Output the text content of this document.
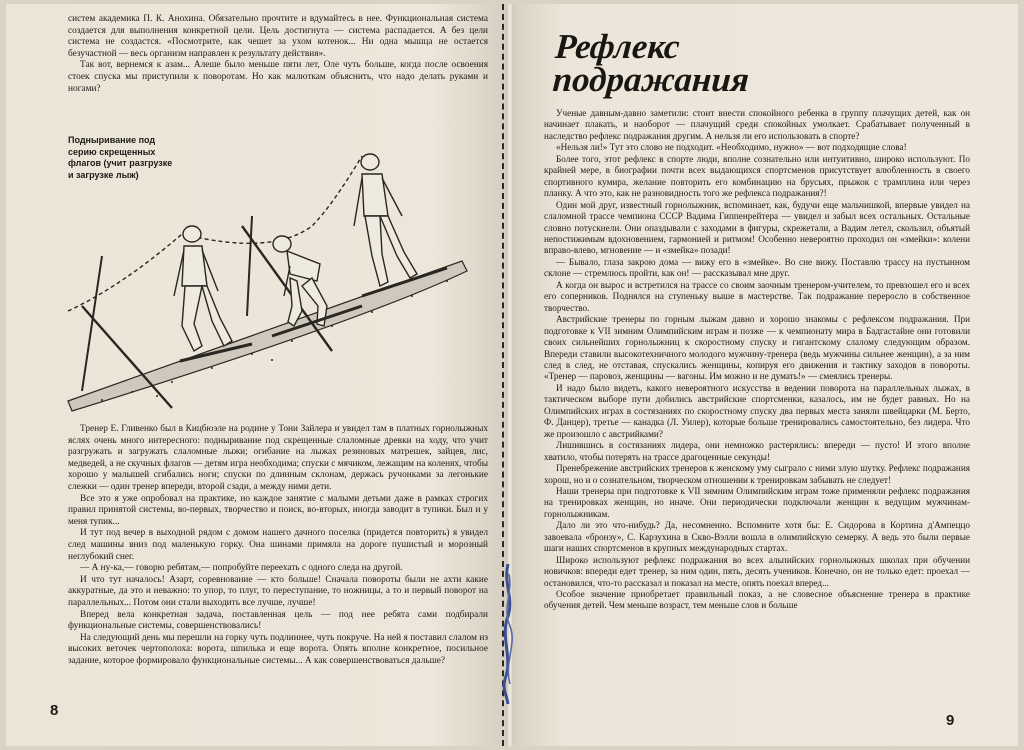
систем академика П. К. Анохина. Обязательно прочтите и вдумайтесь в нее. Функциональная система создается для выполнения конкретной цели. Цель достигнута — система распадается. А без цели система не создастся. «Посмотрите, как чешет за ухом котенок... Ни одна мышца не остается безучастной — весь организм направлен к результату действия».

Так вот, вернемся к азам... Алеше было меньше пяти лет, Оле чуть больше, когда после освоения стоек спуска мы приступили к поворотам. Но как малюткам объяснить, что надо делать руками и ногами?

Подныривание под серию скрещенных флагов (учит разгрузке и загрузке лыж)

Тренер Е. Гливенко был в Кицбюэле на родине у Тони Зайлера и увидел там в платных горнолыжных яслях очень много интересного: подныривание под скрещенные слаломные древки на ходу, что учит разгружать и загружать слаломные лыжи; огибание на лыжах резиновых матрешек, зайцев, лис, медведей, а не скучных флагов — детям игра необходима; спуски с мячиком, лежащим на коленях, чтобы хорошо у малышей сгибались ноги; спуски по длинным склонам, держась ручонками за легонькие слежки — один тренер впереди, второй сзади, а между ними дети.

Все это я уже опробовал на практике, но каждое занятие с малыми детьми даже в рамках строгих правил принятой системы, во-первых, творчество и поиск, во-вторых, иногда заводит в тупики. Был и у меня тупик...

И тут под вечер в выходной рядом с домом нашего дачного поселка (придется повторить) я увидел след машины вниз под маленькую горку. Она шинами примяла на дороге пушистый и морозный неглубокий снег.

— А ну-ка,— говорю ребятам,— попробуйте переехать с одного следа на другой.

И что тут началось! Азарт, соревнование — кто больше! Сначала повороты были не ахти какие аккуратные, да это и неважно: то упор, то плуг, то переступание, то ножницы, а то и первый поворот на параллельных... Потом они стали выходить все лучше, лучше!

Вперед вела конкретная задача, поставленная цель — под нее ребята сами подбирали функциональные системы, совершенствовались!

На следующий день мы перешли на горку чуть подлиннее, чуть покруче. На ней я поставил слалом из высоких веточек чертополоха: ворота, шпилька и еще ворота. Опять вполне конкретное, посильное задание, которое формировало функциональные системы... А как совершенствоваться дальше?

8
Рефлекс
подражания

Ученые давным-давно заметили: стоит внести спокойного ребенка в группу плачущих детей, как он начинает плакать, и наоборот — плачущий среди спокойных умолкает. Срабатывает полученный в наследство рефлекс подражания другим. А нельзя ли его использовать в спорте?

«Нельзя ли!» Тут это слово не подходит. «Необходимо, нужно» — вот подходящие слова!

Более того, этот рефлекс в спорте люди, вполне сознательно или интуитивно, широко используют. По крайней мере, в биографии почти всех выдающихся спортсменов присутствует влюбленность в своего спортивного кумира, желание повторить его комбинацию на брусьях, прыжок с трамплина или через планку. А что это, как не разновидность того же рефлекса подражания?!

Один мой друг, известный горнолыжник, вспоминает, как, будучи еще мальчишкой, впервые увидел на слаломной трассе чемпиона СССР Вадима Гиппенрейтера — увидел и забыл всех остальных. Остальные словно потускнели. Они опаздывали с заходами в фигуры, скрежетали, а Вадим летел, скользил, объятый непостижимым вдохновением, гармонией и ритмом! Особенно невероятно проходил он «змейки»: колени вправо-влево, мгновение — и «змейка» позади!

— Бывало, глаза закрою дома — вижу его в «змейке». Во сне вижу. Поставлю трассу на пустынном склоне — стремлюсь пройти, как он! — рассказывал мне друг.

А когда он вырос и встретился на трассе со своим заочным тренером-учителем, то превзошел его и всех его соперников. Поднялся на ступеньку выше в мастерстве. Так подражание переросло в собственное творчество.

Австрийские тренеры по горным лыжам давно и хорошо знакомы с рефлексом подражания. При подготовке к VII зимним Олимпийским играм и позже — к чемпионату мира в Бадгастайне они готовили своих сильнейших горнолыжниц к скоростному спуску и гигантскому слалому следующим образом. Впереди ставили высокотехничного молодого мужчину-тренера (ведь мужчины сильнее женщин), а за ним след в след, не отставая, спускались женщины, копируя его движения и тактику заходов в повороты. «Тренер — паровоз, женщины — вагоны. Им можно и не думать!» — смеялись тренеры.

И надо было видеть, какого невероятного искусства в ведении поворота на параллельных лыжах, в тактическом выборе пути добились австрийские спортсменки, казалось, им не будет равных. Но на Олимпийских играх в состязаниях по скоростному спуску два первых места заняли швейцарки (М. Берто, Ф. Данцер), третье — канадка (Л. Уилер), которые больше тренировались самостоятельно, без лидера. Что же произошло с австрийками?

Лишившись в состязаниях лидера, они немножко растерялись: впереди — пусто! И этого вполне хватило, чтобы потерять на трассе драгоценные секунды!

Пренебрежение австрийских тренеров к женскому уму сыграло с ними злую шутку. Рефлекс подражания хорош, но и о сознательном, творческом отношении к тренировкам забывать не следует!

Наши тренеры при подготовке к VII зимним Олимпийским играм тоже применяли рефлекс подражания на тренировках женщин, но иначе. Они периодически подключали женщин к ведущим мужчинам-горнолыжникам.

Дало ли это что-нибудь? Да, несомненно. Вспомните хотя бы: Е. Сидорова в Кортина д'Ампеццо завоевала «бронзу», С. Карзухина в Скво-Вэлли вошла в олимпийскую семерку. А ведь это были первые шаги наших спортсменов в крупных международных стартах.

Широко используют рефлекс подражания во всех альпийских горнолыжных школах при обучении новичков: впереди едет тренер, за ним один, пять, десять учеников. Конечно, он не только едет: проехал — остановился, что-то рассказал и показал на месте, опять поехал вперед...

Особое значение приобретает правильный показ, а не словесное объяснение тренера в практике обучения детей. Чем меньше возраст, тем меньше слов и больше

9
